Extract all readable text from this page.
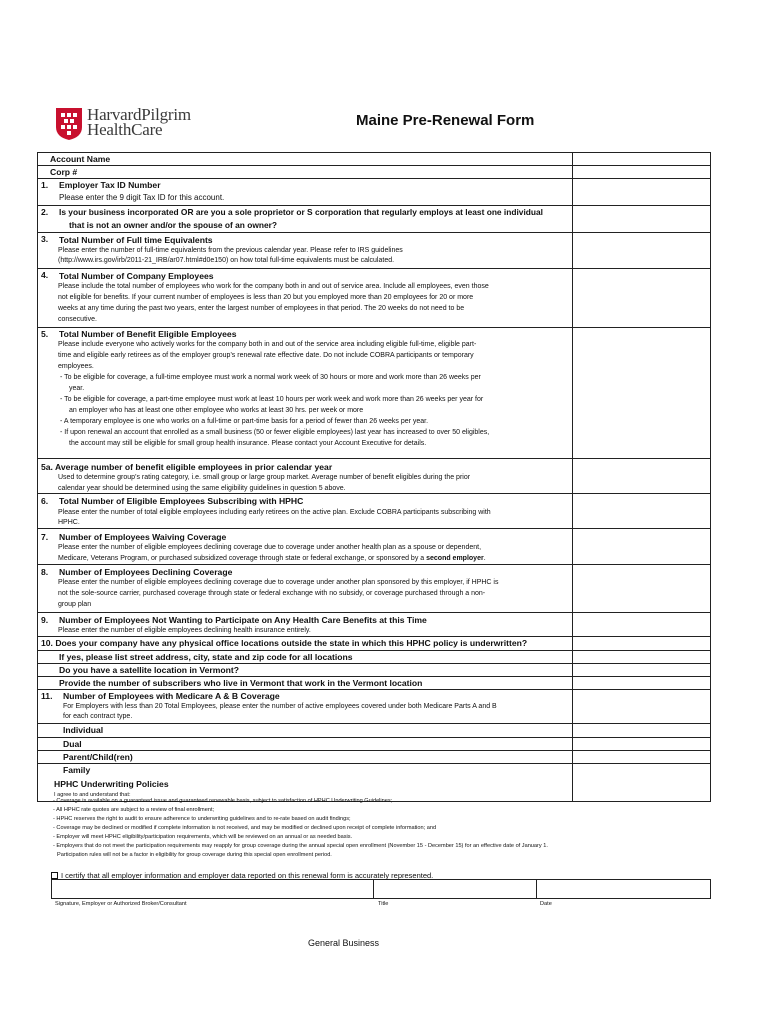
HarvardPilgrim
HealthCare	Maine Pre-Renewal Form
Account Name
Corp #
1. Employer Tax ID Number
Please enter the 9 digit Tax ID for this account.
2. Is your business incorporated OR are you a sole proprietor or S corporation that regularly employs at least one individual
that is not an owner and/or the spouse of an owner?
3. Total Number of Full time Equivalents
Please enter the number of full-time equivalents from the previous calendar year. Please refer to IRS guidelines
(http://www.irs.gov/irb/2011-21_IRB/ar07.html#d0e150) on how total full-time equivalents must be calculated.
4. Total Number of Company Employees
Please include the total number of employees who work for the company both in and out of service area. Include all employees, even those
not eligible for benefits. If your current number of employees is less than 20 but you employed more than 20 employees for 20 or more
weeks at any time during the past two years, enter the largest number of employees in that period. The 20 weeks do not need to be
consecutive.
5. Total Number of Benefit Eligible Employees
Please include everyone who actively works for the company both in and out of the service area including eligible full-time, eligible part-
time and eligible early retirees as of the employer group’s renewal rate effective date. Do not include COBRA participants or temporary
employees.
- To be eligible for coverage, a full-time employee must work a normal work week of 30 hours or more and work more than 26 weeks per
year.
- To be eligible for coverage, a part-time employee must work at least 10 hours per work week and work more than 26 weeks per year for
an employer who has at least one other employee who works at least 30 hrs. per week or more
- A temporary employee is one who works on a full-time or part-time basis for a period of fewer than 26 weeks per year.
- If upon renewal an account that enrolled as a small business (50 or fewer eligible employees) last year has increased to over 50 eligibles,
the account may still be eligible for small group health insurance. Please contact your Account Executive for details.
5a. Average number of benefit eligible employees in prior calendar year
Used to determine group’s rating category, i.e. small group or large group market. Average number of benefit eligibles during the prior
calendar year should be determined using the same eligibility guidelines in question 5 above.
6. Total Number of Eligible Employees Subscribing with HPHC
Please enter the number of total eligible employees including early retirees on the active plan. Exclude COBRA participants subscribing with
HPHC.
7. Number of Employees Waiving Coverage
Please enter the number of eligible employees declining coverage due to coverage under another health plan as a spouse or dependent,
Medicare, Veterans Program, or purchased subsidized coverage through state or federal exchange, or sponsored by a second employer.
8. Number of Employees Declining Coverage
Please enter the number of eligible employees declining coverage due to coverage under another plan sponsored by this employer, if HPHC is
not the sole-source carrier, purchased coverage through state or federal exchange with no subsidy, or coverage purchased through a non-
group plan
9. Number of Employees Not Wanting to Participate on Any Health Care Benefits at this Time
Please enter the number of eligible employees declining health insurance entirely.
10. Does your company have any physical office locations outside the state in which this HPHC policy is underwritten?
If yes, please list street address, city, state and zip code for all locations
Do you have a satellite location in Vermont?
Provide the number of subscribers who live in Vermont that work in the Vermont location
11. Number of Employees with Medicare A & B Coverage
For Employers with less than 20 Total Employees, please enter the number of active employees covered under both Medicare Parts A and B
for each contract type.
Individual
Dual
Parent/Child(ren)
Family
HPHC Underwriting Policies
I agree to and understand that:
- Coverage is available on a guaranteed issue and guaranteed renewable basis, subject to satisfaction of HPHC Underwriting Guidelines;
- All HPHC rate quotes are subject to a review of final enrollment;
- HPHC reserves the right to audit to ensure adherence to underwriting guidelines and to re-rate based on audit findings;
- Coverage may be declined or modified if complete information is not received, and may be modified or declined upon receipt of complete information; and
- Employer will meet HPHC eligibility/participation requirements, which will be reviewed on an annual or as needed basis.
- Employers that do not meet the participation requirements may reapply for group coverage during the annual special open enrollment (November 15 - December 15) for an effective date of January 1.
Participation rules will not be a factor in eligibility for group coverage during this special open enrollment period.
I certify that all employer information and employer data reported on this renewal form is accurately represented.
Signature, Employer or Authorized Broker/Consultant	Title	Date
General Business
